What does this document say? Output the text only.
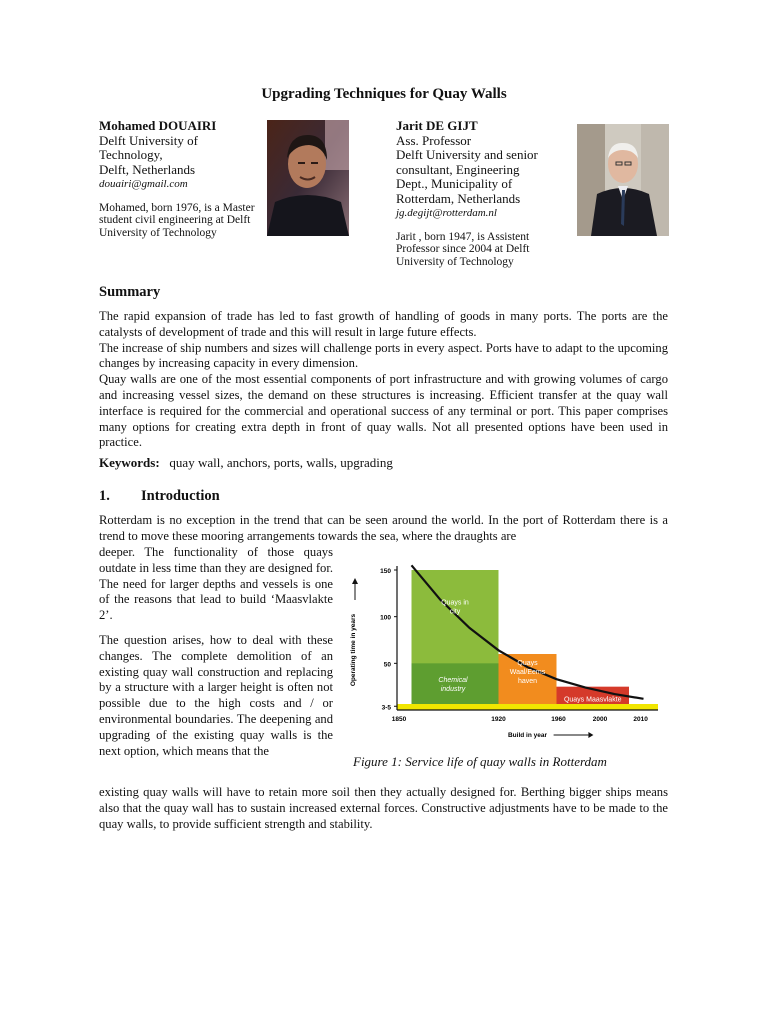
Upgrading Techniques for Quay Walls
Mohamed DOUAIRI
Delft University of
Technology,
Delft, Netherlands
douairi@gmail.com
Mohamed, born 1976, is a Master
student civil engineering at Delft
University of Technology
Jarit DE GIJT
Ass. Professor
Delft University and senior
consultant, Engineering
Dept., Municipality of
Rotterdam, Netherlands
jg.degijt@rotterdam.nl
Jarit , born 1947, is Assistent
Professor since 2004 at Delft
University of Technology
Summary

The rapid expansion of trade has led to fast growth of handling of goods in many ports. The ports are the catalysts of development of trade and this will result in large future effects.

The increase of ship numbers and sizes will challenge ports in every aspect. Ports have to adapt to the upcoming changes by increasing capacity in every dimension.

Quay walls are one of the most essential components of port infrastructure and with growing volumes of cargo and increasing vessel sizes, the demand on these structures is increasing. Efficient transfer at the quay wall interface is required for the commercial and operational success of any terminal or port. This paper comprises many options for creating extra depth in front of quay walls. Not all presented options have been used in practice.

Keywords: quay wall, anchors, ports, walls, upgrading
1. Introduction
Rotterdam is no exception in the trend that can be seen around the world. In the port of Rotterdam there is a trend to move these mooring arrangements towards the sea, where the draughts are
deeper. The functionality of those quays outdate in less time than they are designed for. The need for larger depths and vessels is one of the reasons that lead to build ‘Maasvlakte 2’.
The question arises, how to deal with these changes. The complete demolition of an existing quay wall construction and replacing by a structure with a larger height is often not possible due to the high costs and / or environmental boundaries. The deepening and upgrading of the existing quay walls is the next option, which means that the
existing quay walls will have to retain more soil then they actually designed for. Berthing bigger ships means also that the quay wall has to sustain increased external forces. Constructive adjustments have to be made to the quay walls, to provide sufficient strength and stability.
150
100
50
3-5
1850	1920	1960	2000	2010
Build in year
Operating time in years
Quays in
city
Chemical
industry
Quays
Waal/Eems
haven
Quays Maasvlakte
Figure 1: Service life of quay walls in Rotterdam
